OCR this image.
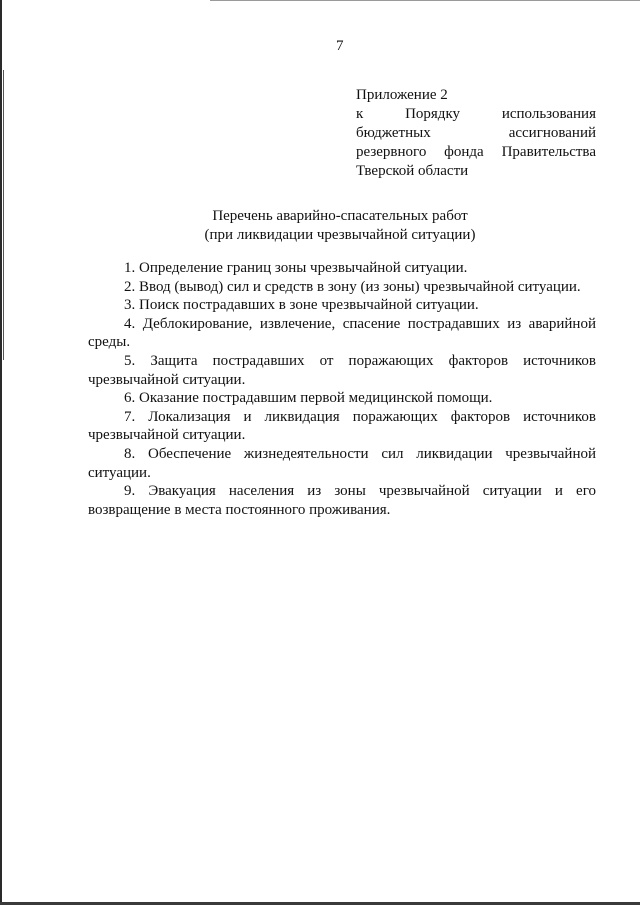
7
Приложение 2
к	Порядку	использования
бюджетных	ассигнований
резервного фонда Правительства
Тверской области
Перечень аварийно-спасательных работ
(при ликвидации чрезвычайной ситуации)

1. Определение границ зоны чрезвычайной ситуации.

2. Ввод (вывод) сил и средств в зону (из зоны) чрезвычайной ситуации.

3. Поиск пострадавших в зоне чрезвычайной ситуации.

4. Деблокирование, извлечение, спасение пострадавших из аварийной среды.

5. Защита пострадавших от поражающих факторов источников чрезвычайной ситуации.

6. Оказание пострадавшим первой медицинской помощи.

7. Локализация и ликвидация поражающих факторов источников чрезвычайной ситуации.

8. Обеспечение жизнедеятельности сил ликвидации чрезвычайной ситуации.

9. Эвакуация населения из зоны чрезвычайной ситуации и его возвращение в места постоянного проживания.
